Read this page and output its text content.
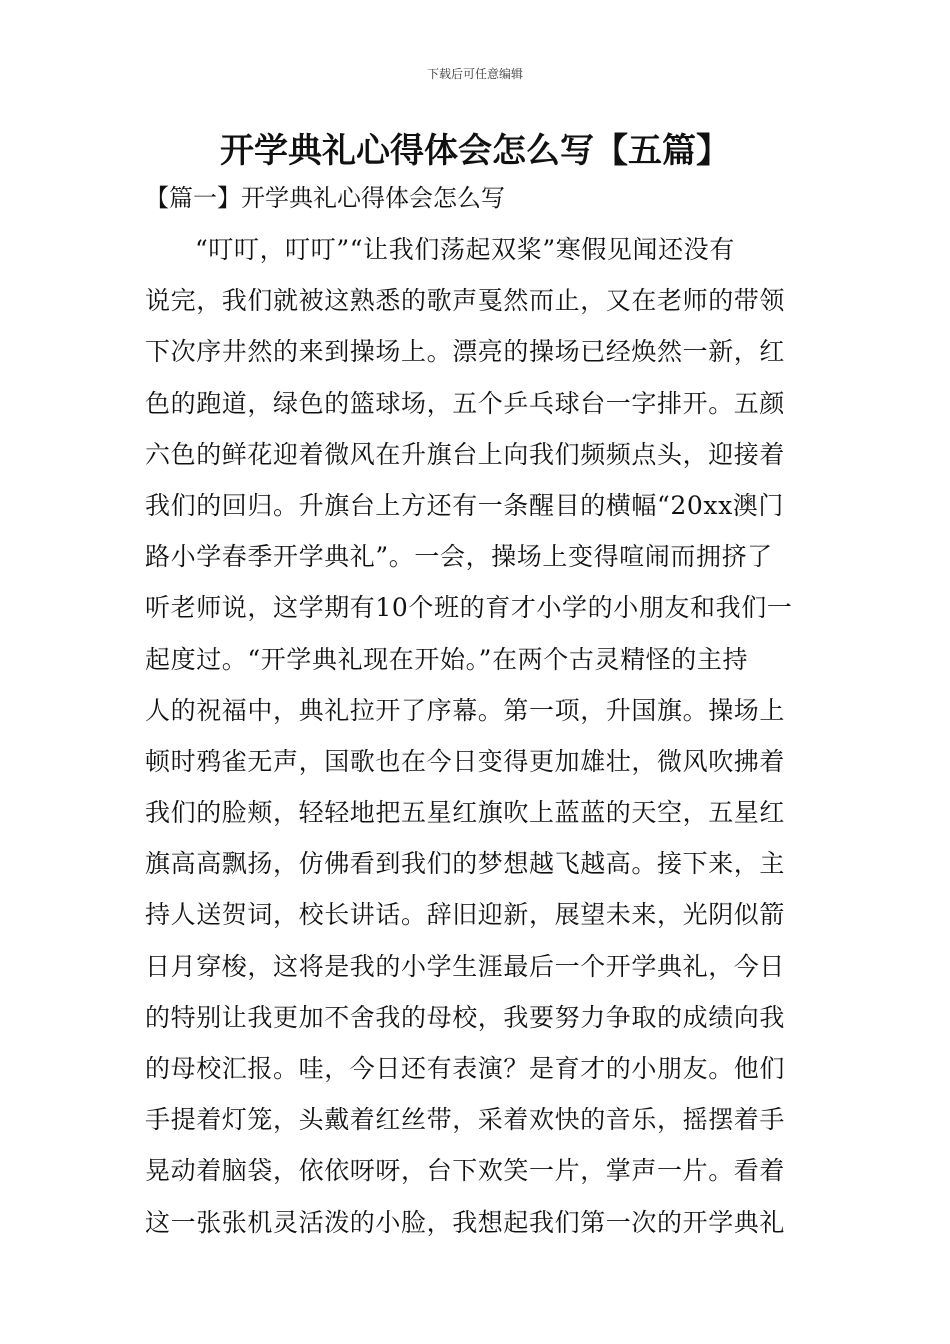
下载后可任意编辑
开学典礼心得体会怎么写【五篇】
【篇一】开学典礼心得体会怎么写
“叮叮，叮叮”“让我们荡起双桨”寒假见闻还没有
说完，我们就被这熟悉的歌声戛然而止，又在老师的带领
下次序井然的来到操场上。漂亮的操场已经焕然一新，红
色的跑道，绿色的篮球场，五个乒乓球台一字排开。五颜
六色的鲜花迎着微风在升旗台上向我们频频点头，迎接着
我们的回归。升旗台上方还有一条醒目的横幅“20xx澳门
路小学春季开学典礼”。一会，操场上变得喧闹而拥挤了
听老师说，这学期有10个班的育才小学的小朋友和我们一
起度过。“开学典礼现在开始。”在两个古灵精怪的主持
人的祝福中，典礼拉开了序幕。第一项，升国旗。操场上
顿时鸦雀无声，国歌也在今日变得更加雄壮，微风吹拂着
我们的脸颊，轻轻地把五星红旗吹上蓝蓝的天空，五星红
旗高高飘扬，仿佛看到我们的梦想越飞越高。接下来，主
持人送贺词，校长讲话。辞旧迎新，展望未来，光阴似箭
日月穿梭，这将是我的小学生涯最后一个开学典礼，今日
的特别让我更加不舍我的母校，我要努力争取的成绩向我
的母校汇报。哇，今日还有表演？是育才的小朋友。他们
手提着灯笼，头戴着红丝带，采着欢快的音乐，摇摆着手
晃动着脑袋，依依呀呀，台下欢笑一片，掌声一片。看着
这一张张机灵活泼的小脸，我想起我们第一次的开学典礼
